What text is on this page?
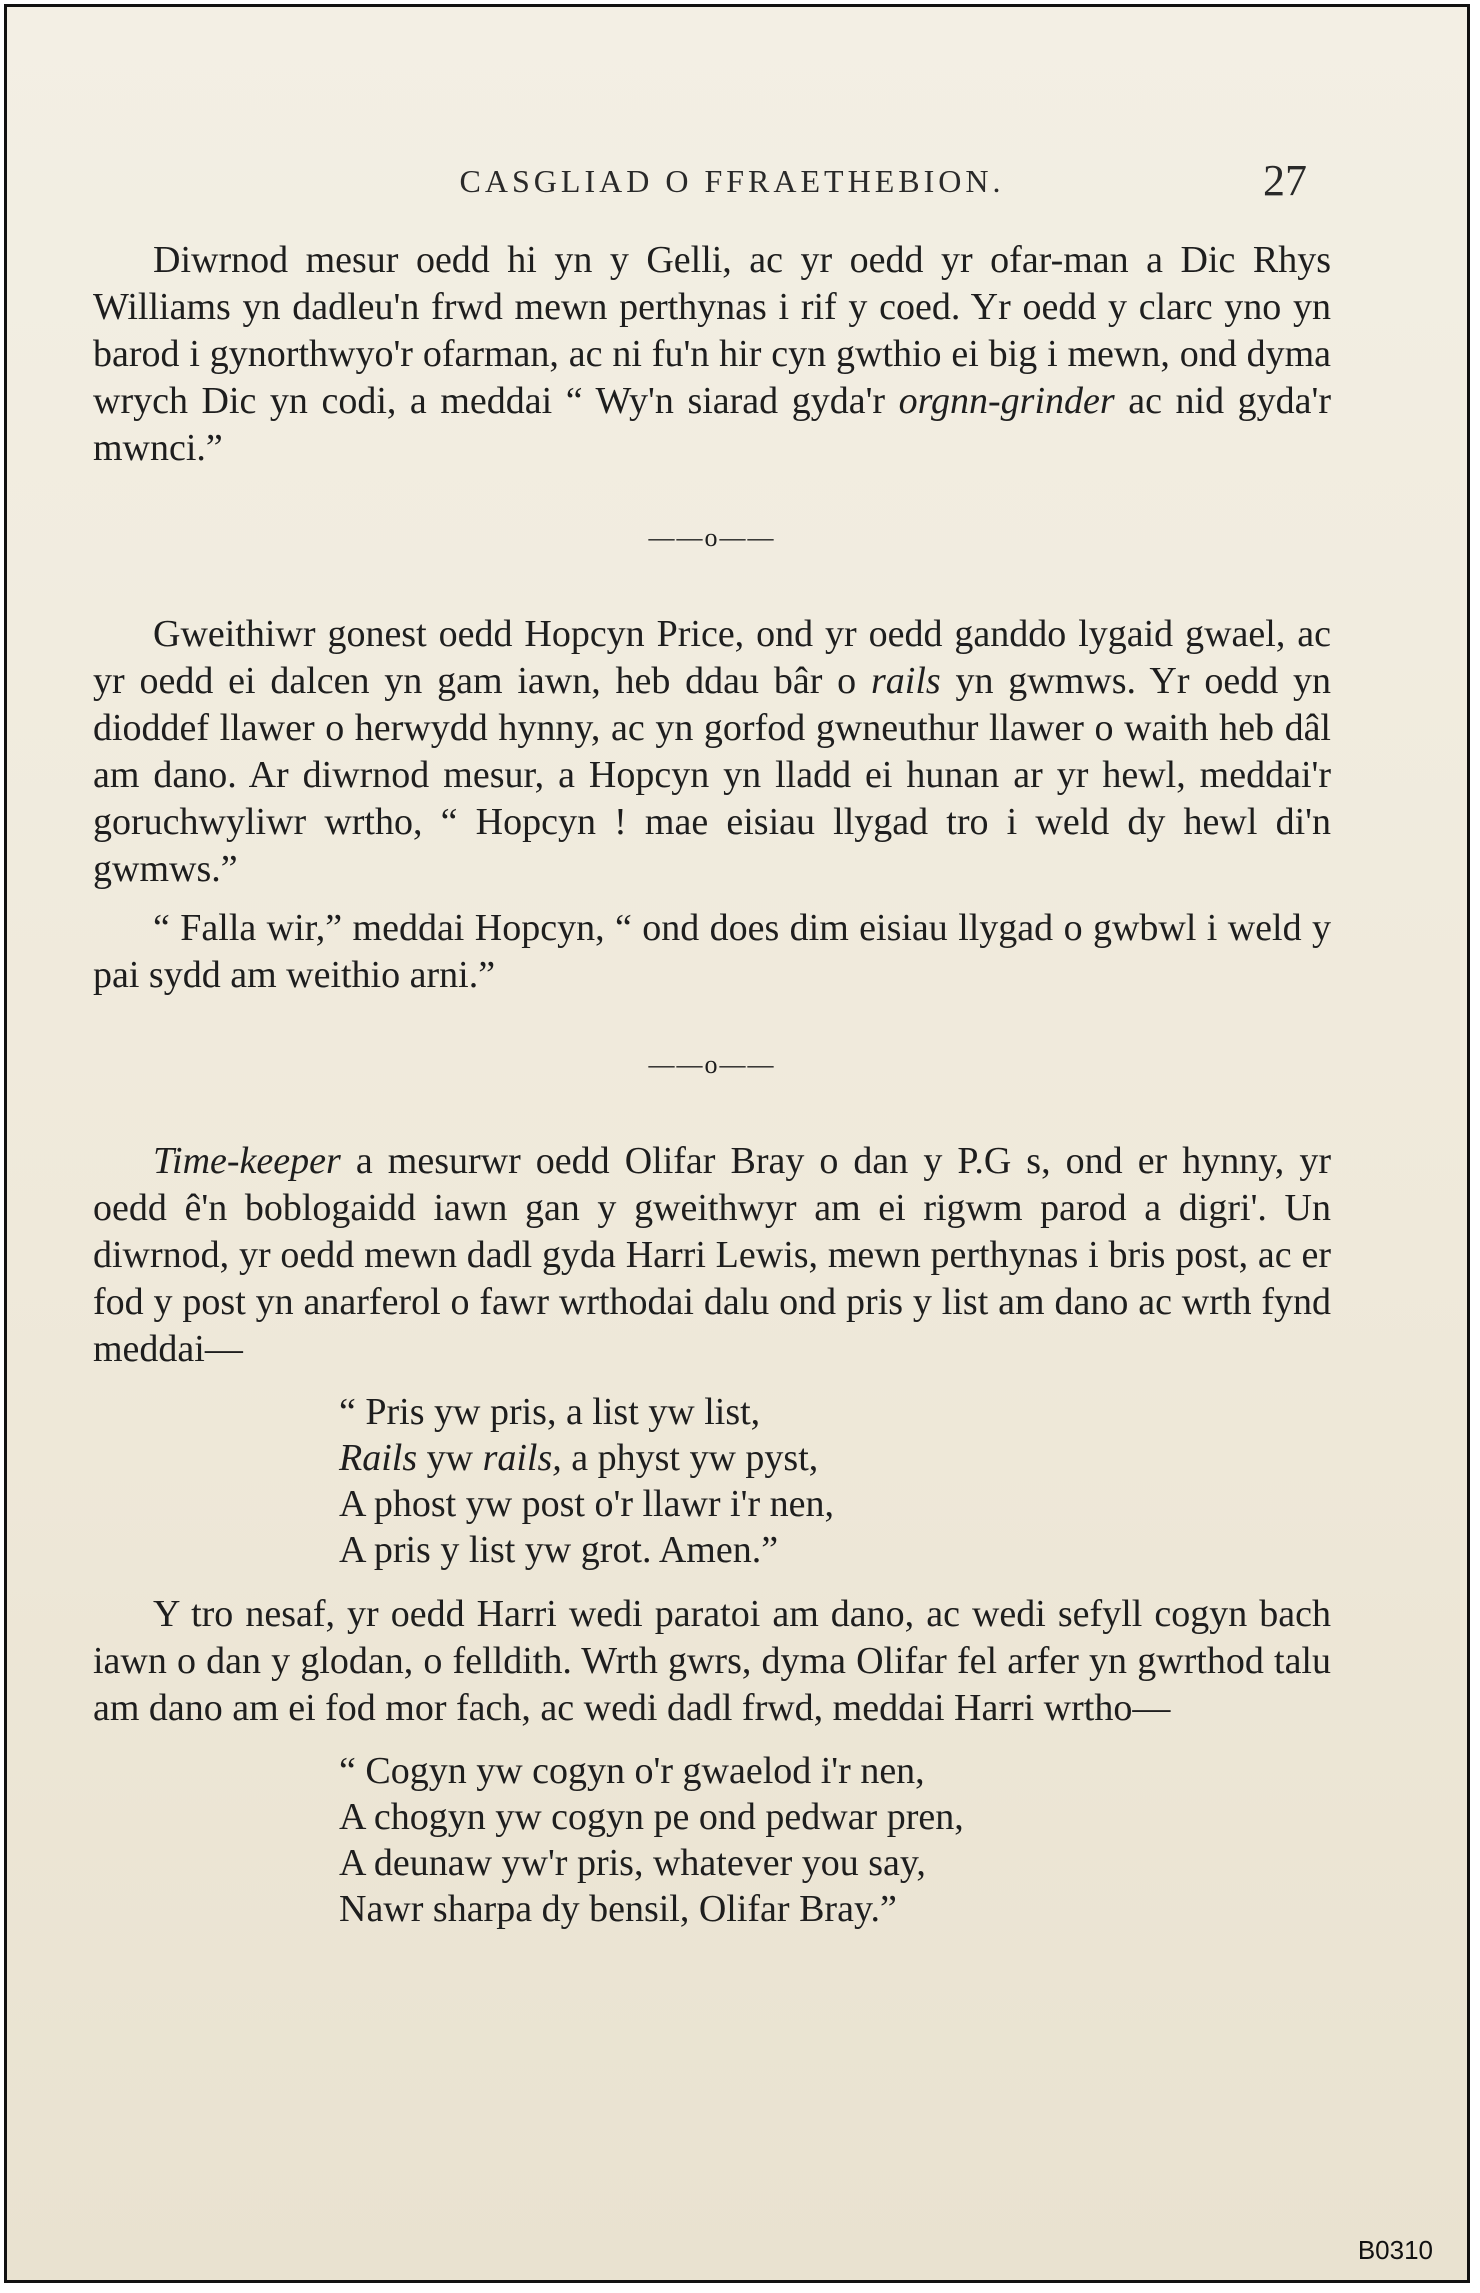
CASGLIAD O FFRAETHEBION.	27

Diwrnod mesur oedd hi yn y Gelli, ac yr oedd yr ofar-man a Dic Rhys Williams yn dadleu'n frwd mewn perthynas i rif y coed. Yr oedd y clarc yno yn barod i gynorthwyo'r ofarman, ac ni fu'n hir cyn gwthio ei big i mewn, ond dyma wrych Dic yn codi, a meddai “ Wy'n siarad gyda'r orgnn-grinder ac nid gyda'r mwnci.”

——o——

Gweithiwr gonest oedd Hopcyn Price, ond yr oedd ganddo lygaid gwael, ac yr oedd ei dalcen yn gam iawn, heb ddau bâr o rails yn gwmws. Yr oedd yn dioddef llawer o herwydd hynny, ac yn gorfod gwneuthur llawer o waith heb dâl am dano. Ar diwrnod mesur, a Hopcyn yn lladd ei hunan ar yr hewl, meddai'r goruchwyliwr wrtho, “ Hopcyn ! mae eisiau llygad tro i weld dy hewl di'n gwmws.”

“ Falla wir,” meddai Hopcyn, “ ond does dim eisiau llygad o gwbwl i weld y pai sydd am weithio arni.”

——o——

Time-keeper a mesurwr oedd Olifar Bray o dan y P.G s, ond er hynny, yr oedd ê'n boblogaidd iawn gan y gweithwyr am ei rigwm parod a digri'. Un diwrnod, yr oedd mewn dadl gyda Harri Lewis, mewn perthynas i bris post, ac er fod y post yn anarferol o fawr wrthodai dalu ond pris y list am dano ac wrth fynd meddai—

“ Pris yw pris, a list yw list,
Rails yw rails, a physt yw pyst,
A phost yw post o'r llawr i'r nen,
A pris y list yw grot. Amen.”

Y tro nesaf, yr oedd Harri wedi paratoi am dano, ac wedi sefyll cogyn bach iawn o dan y glodan, o felldith. Wrth gwrs, dyma Olifar fel arfer yn gwrthod talu am dano am ei fod mor fach, ac wedi dadl frwd, meddai Harri wrtho—

“ Cogyn yw cogyn o'r gwaelod i'r nen,
A chogyn yw cogyn pe ond pedwar pren,
A deunaw yw'r pris, whatever you say,
Nawr sharpa dy bensil, Olifar Bray.”
B0310
